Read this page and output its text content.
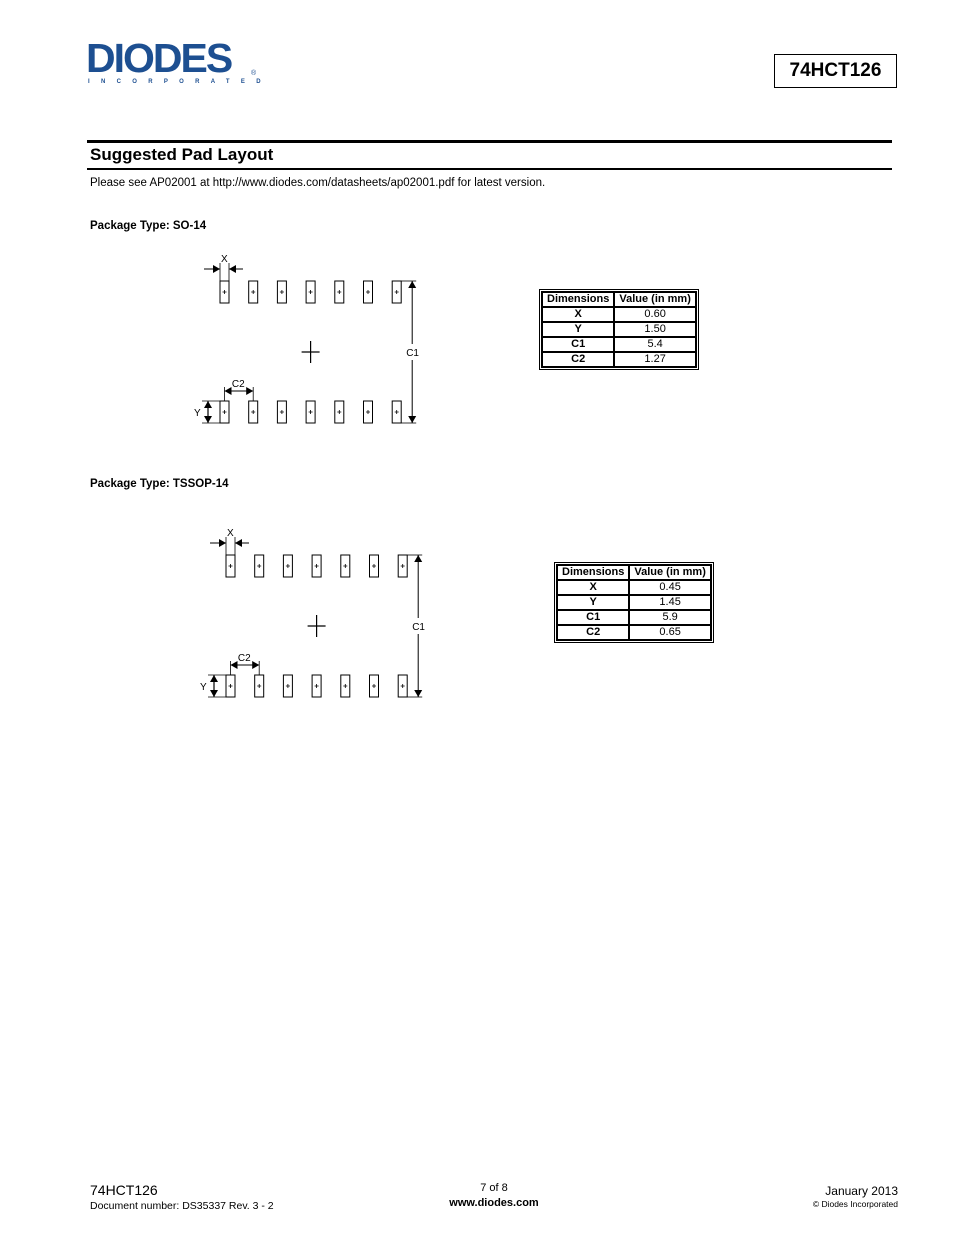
DIODES	®
INCORPORATED
74HCT126
Suggested Pad Layout
Please see AP02001 at http://www.diodes.com/datasheets/ap02001.pdf for latest version.
Package Type: SO-14
X
C1
C2
Y
Dimensions	Value (in mm)
X	0.60
Y	1.50
C1	5.4
C2	1.27
Package Type: TSSOP-14
X
C1
C2
Y
Dimensions	Value (in mm)
X	0.45
Y	1.45
C1	5.9
C2	0.65
74HCT126
Document number: DS35337 Rev. 3 - 2
7 of 8
www.diodes.com
January 2013
© Diodes Incorporated
